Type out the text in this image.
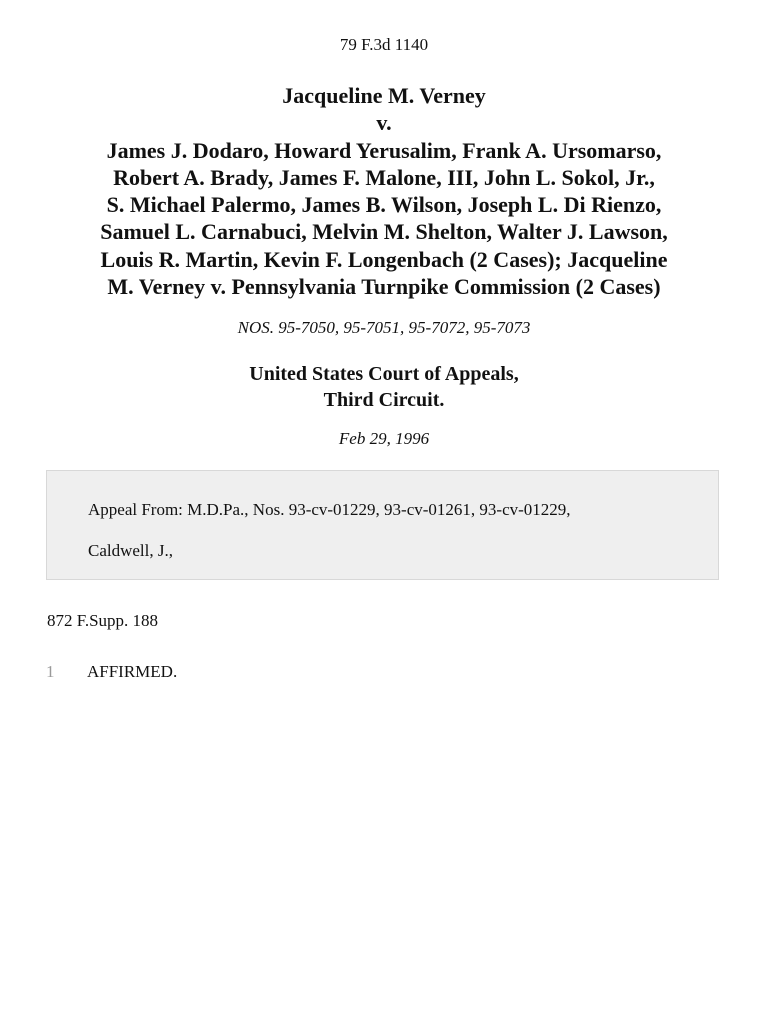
79 F.3d 1140
Jacqueline M. Verney
v.
James J. Dodaro, Howard Yerusalim, Frank A. Ursomarso,
Robert A. Brady, James F. Malone, III, John L. Sokol, Jr.,
S. Michael Palermo, James B. Wilson, Joseph L. Di Rienzo,
Samuel L. Carnabuci, Melvin M. Shelton, Walter J. Lawson,
Louis R. Martin, Kevin F. Longenbach (2 Cases); Jacqueline
M. Verney v. Pennsylvania Turnpike Commission (2 Cases)
NOS. 95-7050, 95-7051, 95-7072, 95-7073
United States Court of Appeals,
Third Circuit.
Feb 29, 1996
Appeal From: M.D.Pa., Nos. 93-cv-01229, 93-cv-01261, 93-cv-01229,
Caldwell, J.,
872 F.Supp. 188
1 AFFIRMED.
